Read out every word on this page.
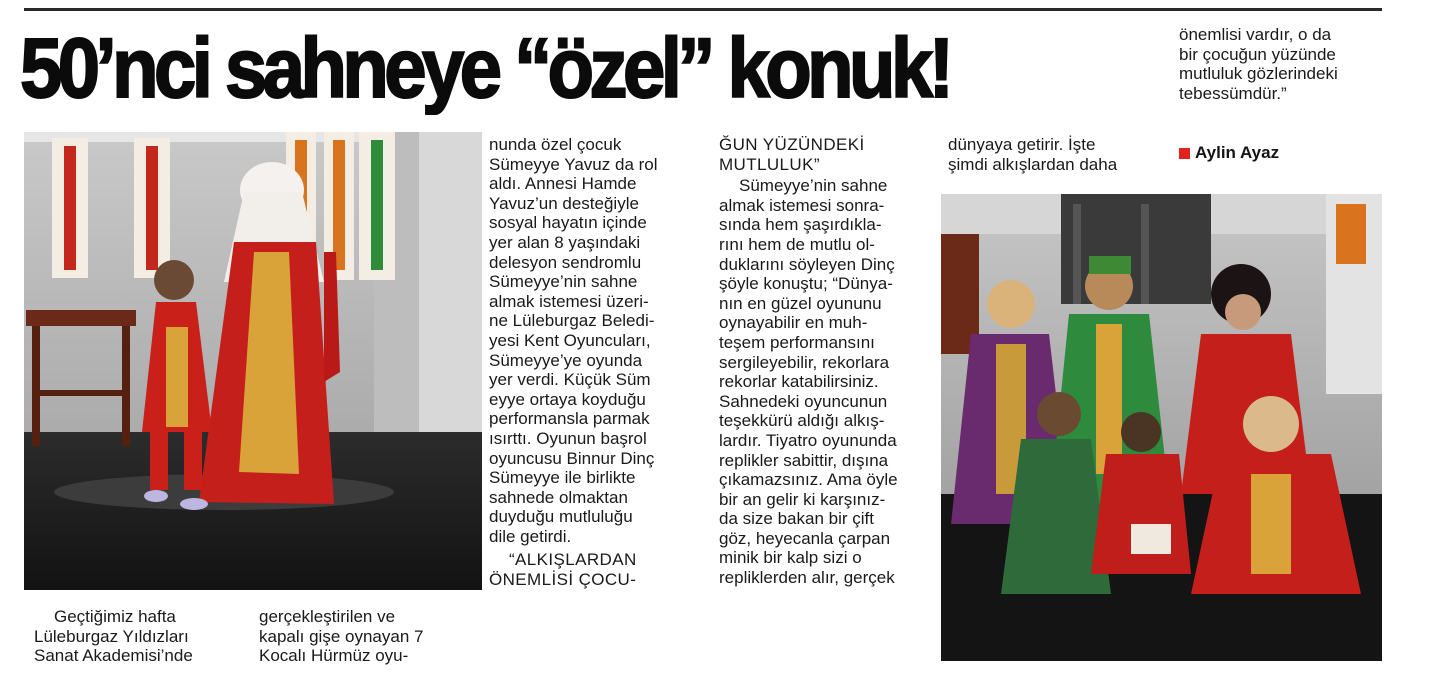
50’nci sahneye “özel” konuk!	önemlisi vardır, o da

bir çocuğun yüzünde

mutluluk gözlerindeki

tebessümdür.”

Aylin Ayaz

Geçtiğimiz hafta

Lüleburgaz Yıldızları

Sanat Akademisi’nde

gerçekleştirilen ve

kapalı gişe oynayan 7

Kocalı Hürmüz oyu-

nunda özel çocuk

Sümeyye Yavuz da rol

aldı. Annesi Hamde

Yavuz’un desteğiyle

sosyal hayatın içinde

yer alan 8 yaşındaki

delesyon sendromlu

Sümeyye’nin sahne

almak istemesi üzeri-

ne Lüleburgaz Beledi-

yesi Kent Oyuncuları,

Sümeyye’ye oyunda

yer verdi. Küçük Süm

eyye ortaya koyduğu

performansla parmak

ısırttı. Oyunun başrol

oyuncusu Binnur Dinç

Sümeyye ile birlikte

sahnede olmaktan

duyduğu mutluluğu

dile getirdi.

“ALKIŞLARDAN

ÖNEMLİSİ ÇOCU-

ĞUN YÜZÜNDEKİ

MUTLULUK”

Sümeyye’nin sahne

almak istemesi sonra-

sında hem şaşırdıkla-

rını hem de mutlu ol-

duklarını söyleyen Dinç

şöyle konuştu; “Dünya-

nın en güzel oyununu

oynayabilir en muh-

teşem performansını

sergileyebilir, rekorlara

rekorlar katabilirsiniz.

Sahnedeki oyuncunun

teşekkürü aldığı alkış-

lardır. Tiyatro oyununda

replikler sabittir, dışına

çıkamazsınız. Ama öyle

bir an gelir ki karşınız-

da size bakan bir çift

göz, heyecanla çarpan

minik bir kalp sizi o

repliklerden alır, gerçek

dünyaya getirir. İşte

şimdi alkışlardan daha
